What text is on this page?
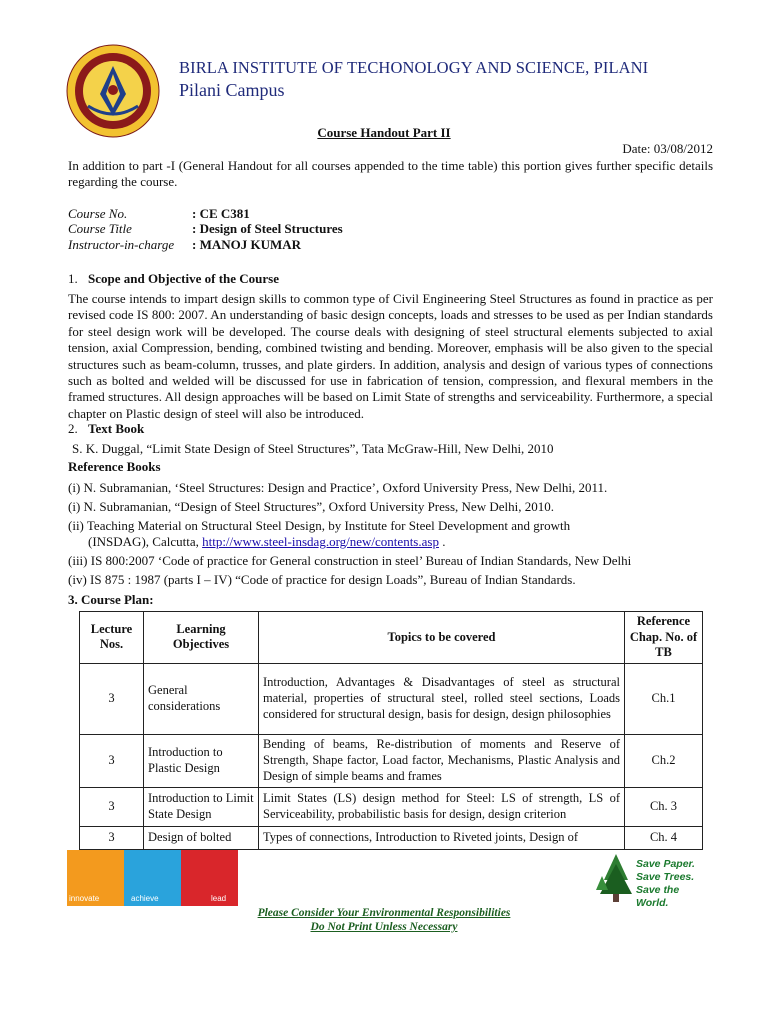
BIRLA INSTITUTE OF TECHONOLOGY AND SCIENCE, PILANI
Pilani Campus
Course Handout Part II
Date: 03/08/2012
In addition to part -I (General Handout for all courses appended to the time table) this portion gives further specific details regarding the course.
Course No.	: CE C381
Course Title	: Design of Steel Structures
Instructor-in-charge : MANOJ KUMAR
1. Scope and Objective of the Course
The course intends to impart design skills to common type of Civil Engineering Steel Structures as found in practice as per revised code IS 800: 2007. An understanding of basic design concepts, loads and stresses to be used as per Indian standards for steel design work will be developed. The course deals with designing of steel structural elements subjected to axial tension, axial Compression, bending, combined twisting and bending. Moreover, emphasis will be also given to the special structures such as beam-column, trusses, and plate girders. In addition, analysis and design of various types of connections such as bolted and welded will be discussed for use in fabrication of tension, compression, and flexural members in the framed structures. All design approaches will be based on Limit State of strengths and serviceability. Furthermore, a special chapter on Plastic design of steel will also be introduced.
2. Text Book
S. K. Duggal, “Limit State Design of Steel Structures”, Tata McGraw-Hill, New Delhi, 2010
Reference Books
(i) N. Subramanian, ‘Steel Structures: Design and Practice’, Oxford University Press, New Delhi, 2011.
(i) N. Subramanian, “Design of Steel Structures”, Oxford University Press, New Delhi, 2010.
(ii) Teaching Material on Structural Steel Design, by Institute for Steel Development and growth
(INSDAG), Calcutta, http://www.steel-insdag.org/new/contents.asp .
(iii) IS 800:2007 ‘Code of practice for General construction in steel’ Bureau of Indian Standards, New Delhi
(iv) IS 875 : 1987 (parts I – IV) “Code of practice for design Loads”, Bureau of Indian Standards.
3. Course Plan:
Lecture Nos.	Learning Objectives	Topics to be covered	Reference Chap. No. of TB
3	General considerations	Introduction, Advantages & Disadvantages of steel as structural material, properties of structural steel, rolled steel sections, Loads considered for structural design, basis for design, design philosophies	Ch.1
3	Introduction to Plastic Design	Bending of beams, Re-distribution of moments and Reserve of Strength, Shape factor, Load factor, Mechanisms, Plastic Analysis and Design of simple beams and frames	Ch.2
3	Introduction to Limit State Design	Limit States (LS) design method for Steel: LS of strength, LS of Serviceability, probabilistic basis for design, design criterion	Ch. 3
3	Design of bolted	Types of connections, Introduction to Riveted joints, Design of	Ch. 4
innovate	achieve	lead
Save Paper.
Save Trees.
Save the World.
Please Consider Your Environmental Responsibilities
Do Not Print Unless Necessary
